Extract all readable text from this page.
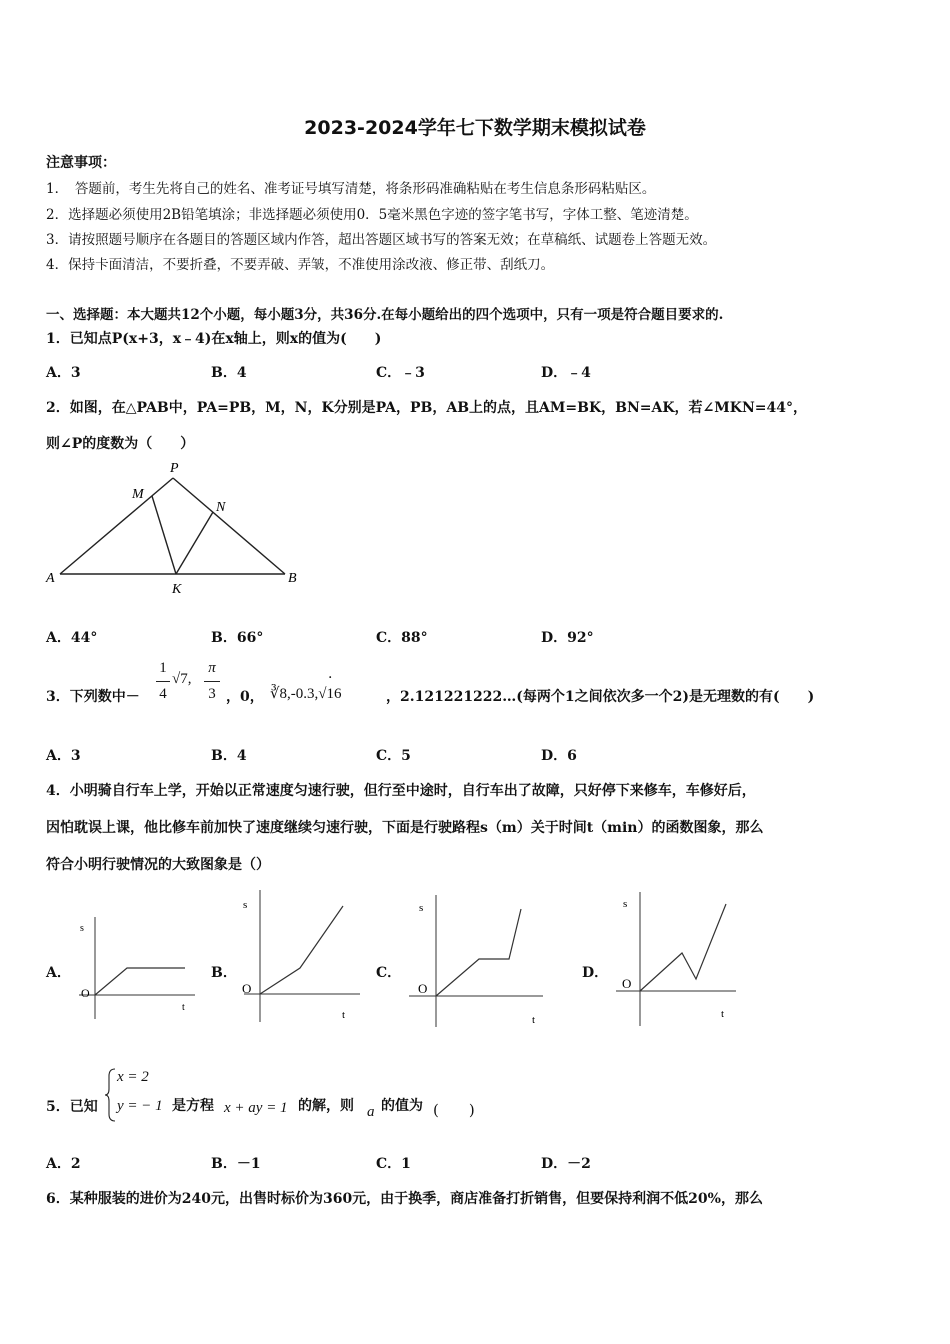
2023-2024学年七下数学期末模拟试卷
注意事项：
1．　答题前，考生先将自己的姓名、准考证号填写清楚，将条形码准确粘贴在考生信息条形码粘贴区。
2．选择题必须使用2B铅笔填涂；非选择题必须使用0．5毫米黑色字迹的签字笔书写，字体工整、笔迹清楚。
3．请按照题号顺序在各题目的答题区域内作答，超出答题区域书写的答案无效；在草稿纸、试题卷上答题无效。
4．保持卡面清洁，不要折叠，不要弄破、弄皱，不准使用涂改液、修正带、刮纸刀。
一、选择题：本大题共12个小题，每小题3分，共36分.在每小题给出的四个选项中，只有一项是符合题目要求的.
1．已知点P(x+3，x﹣4)在x轴上，则x的值为(　　)
A．3	B．4	C．﹣3	D．﹣4
2．如图，在△PAB中，PA=PB，M，N，K分别是PA，PB，AB上的点，且AM=BK，BN=AK，若∠MKN=44°，
则∠P的度数为（　　）
P
M
N
A
K
B
A．44°	B．66°	C．88°	D．92°
3．下列数中－
1
4
√7,
π
3 ，0， ∛8,-0.3,√16
·
，2.121221222…(每两个1之间依次多一个2)是无理数的有(　　)
A．3	B．4	C．5	D．6
4．小明骑自行车上学，开始以正常速度匀速行驶，但行至中途时，自行车出了故障，只好停下来修车，车修好后，
因怕耽误上课，他比修车前加快了速度继续匀速行驶，下面是行驶路程s（m）关于时间t（min）的函数图象，那么
符合小明行驶情况的大致图象是（）
A．	B．	C．	D．
s
t
O
s
t
O
s
t
O
s
t
O
5．已知
x = 2
y = − 1 是方程 x + ay = 1 的解，则 a 的值为 (　　)
A．2	B．－1	C．1	D．－2
6．某种服装的进价为240元，出售时标价为360元，由于换季，商店准备打折销售，但要保持利润不低20%，那么
